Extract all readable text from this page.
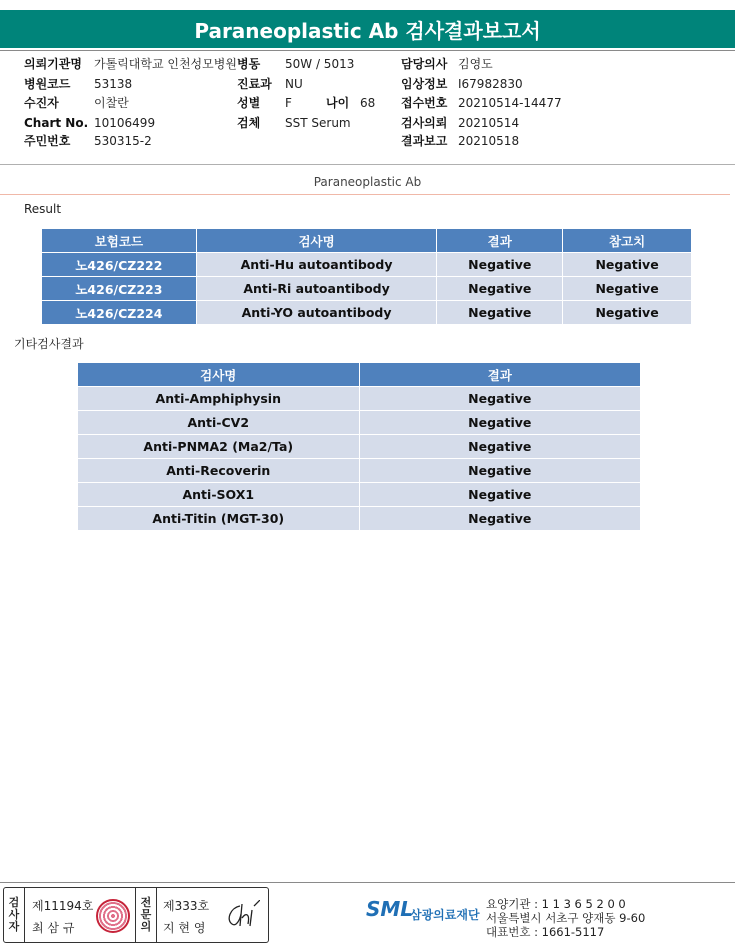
Paraneoplastic Ab 검사결과보고서
의뢰기관명 가톨릭대학교 인천성모병원
병원코드 53138
수진자	이찰란
Chart No. 10106499
주민번호 530315-2
병동 50W / 5013
진료과 NU
성별 F	나이 68
검체 SST Serum
담당의사 김영도
임상정보 I67982830
접수번호 20210514-14477
검사의뢰 20210514
결과보고 20210518
Paraneoplastic Ab
Result
보험코드	검사명	결과	참고치
노426/CZ222	Anti-Hu autoantibody	Negative	Negative
노426/CZ223	Anti-Ri autoantibody	Negative	Negative
노426/CZ224	Anti-YO autoantibody	Negative	Negative
기타검사결과
검사명	결과
Anti-Amphiphysin	Negative
Anti-CV2	Negative
Anti-PNMA2 (Ma2/Ta)	Negative
Anti-Recoverin	Negative
Anti-SOX1	Negative
Anti-Titin (MGT-30)	Negative
검사자
제11194호
최 삼 규
전문의
제333호
지 현 영
SML
삼광의료재단
요양기관 : 1 1 3 6 5 2 0 0
서울특별시 서초구 양재동 9-60
대표번호 : 1661-5117
